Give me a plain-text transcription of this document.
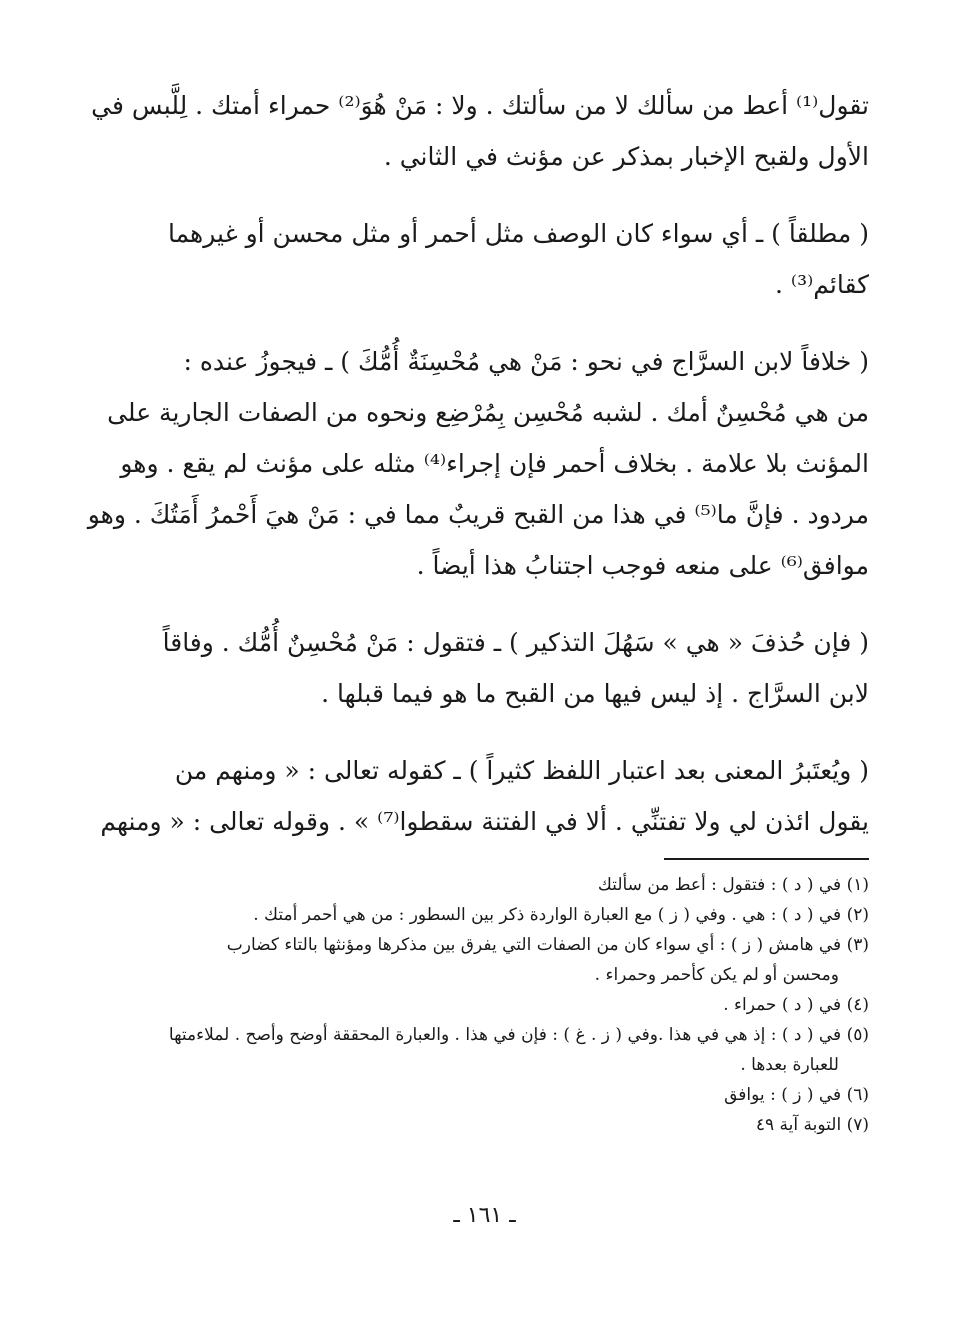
تقول⁽¹⁾ أعط من سألك لا من سألتك . ولا : مَنْ هُوَ⁽²⁾ حمراء أمتك . لِلَّبس في
الأول ولقبح الإخبار بمذكر عن مؤنث في الثاني .

( مطلقاً ) ـ أي سواء كان الوصف مثل أحمر أو مثل محسن أو غيرهما
كقائم⁽³⁾ .

( خلافاً لابن السرَّاج في نحو : مَنْ هي مُحْسِنَةٌ أُمُّكَ ) ـ فيجوزُ عنده :
من هي مُحْسِنٌ أمك . لشبه مُحْسِن بِمُرْضِع ونحوه من الصفات الجارية على
المؤنث بلا علامة . بخلاف أحمر فإن إجراء⁽⁴⁾ مثله على مؤنث لم يقع . وهو
مردود . فإنَّ ما⁽⁵⁾ في هذا من القبح قريبٌ مما في : مَنْ هيَ أَحْمرُ أَمَتُكَ . وهو
موافق⁽⁶⁾ على منعه فوجب اجتنابُ هذا أيضاً .

( فإن حُذفَ « هي » سَهُلَ التذكير ) ـ فتقول : مَنْ مُحْسِنٌ أُمُّك . وفاقاً
لابن السرَّاج . إذ ليس فيها من القبح ما هو فيما قبلها .

( ويُعتَبرُ المعنى بعد اعتبار اللفظ كثيراً ) ـ كقوله تعالى : « ومنهم من
يقول ائذن لي ولا تفتنِّي . ألا في الفتنة سقطوا⁽⁷⁾ » . وقوله تعالى : « ومنهم

(١) في ( د ) : فتقول : أعط من سألتك
(٢) في ( د ) : هي . وفي ( ز ) مع العبارة الواردة ذكر بين السطور : من هي أحمر أمتك .
(٣) في هامش ( ز ) : أي سواء كان من الصفات التي يفرق بين مذكرها ومؤنثها بالتاء كضارب
ومحسن أو لم يكن كأحمر وحمراء .
(٤) في ( د ) حمراء .
(٥) في ( د ) : إذ هي في هذا .وفي ( ز . غ ) : فإن في هذا . والعبارة المحققة أوضح وأصح . لملاءمتها
للعبارة بعدها .
(٦) في ( ز ) : يوافق
(٧) التوبة آية ٤٩
ـ ١٦١ ـ
